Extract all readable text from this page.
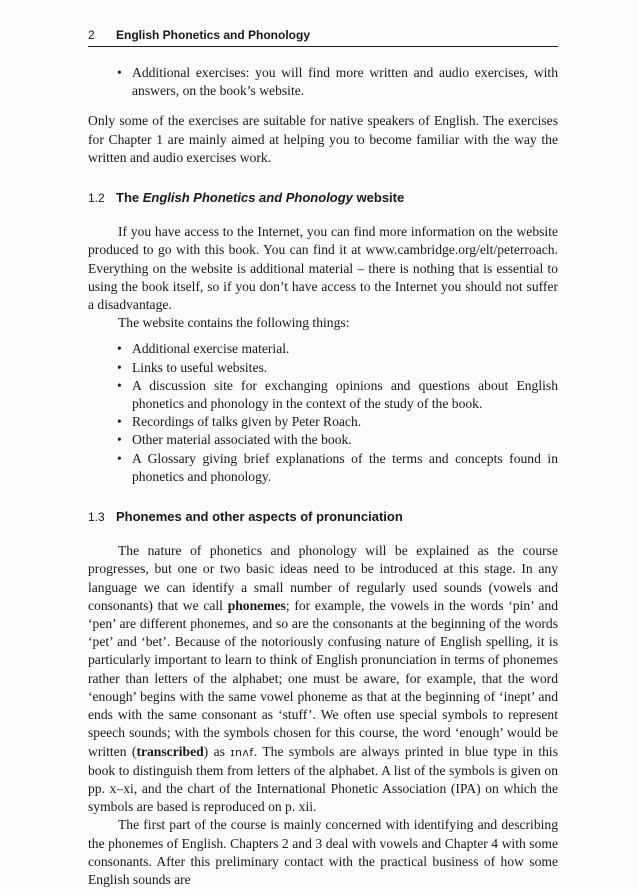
2 English Phonetics and Phonology
• Additional exercises: you will find more written and audio exercises, with answers, on the book’s website.

Only some of the exercises are suitable for native speakers of English. The exercises for Chapter 1 are mainly aimed at helping you to become familiar with the way the written and audio exercises work.

1.2 The English Phonetics and Phonology website

If you have access to the Internet, you can find more information on the website produced to go with this book. You can find it at www.cambridge.org/elt/peterroach. Everything on the website is additional material – there is nothing that is essential to using the book itself, so if you don’t have access to the Internet you should not suffer a disadvantage.

The website contains the following things:

• Additional exercise material.
• Links to useful websites.
• A discussion site for exchanging opinions and questions about English phonetics and phonology in the context of the study of the book.
• Recordings of talks given by Peter Roach.
• Other material associated with the book.
• A Glossary giving brief explanations of the terms and concepts found in phonetics and phonology.
1.3 Phonemes and other aspects of pronunciation

The nature of phonetics and phonology will be explained as the course progresses, but one or two basic ideas need to be introduced at this stage. In any language we can identify a small number of regularly used sounds (vowels and consonants) that we call phonemes; for example, the vowels in the words ‘pin’ and ‘pen’ are different phonemes, and so are the consonants at the beginning of the words ‘pet’ and ‘bet’. Because of the notoriously confusing nature of English spelling, it is particularly important to learn to think of English pronunciation in terms of phonemes rather than letters of the alphabet; one must be aware, for example, that the word ‘enough’ begins with the same vowel phoneme as that at the beginning of ‘inept’ and ends with the same consonant as ‘stuff’. We often use special symbols to represent speech sounds; with the symbols chosen for this course, the word ‘enough’ would be written (transcribed) as ɪnʌf. The symbols are always printed in blue type in this book to distinguish them from letters of the alphabet. A list of the symbols is given on pp. x–xi, and the chart of the International Phonetic Association (IPA) on which the symbols are based is reproduced on p. xii.

The first part of the course is mainly concerned with identifying and describing the phonemes of English. Chapters 2 and 3 deal with vowels and Chapter 4 with some consonants. After this preliminary contact with the practical business of how some English sounds are
